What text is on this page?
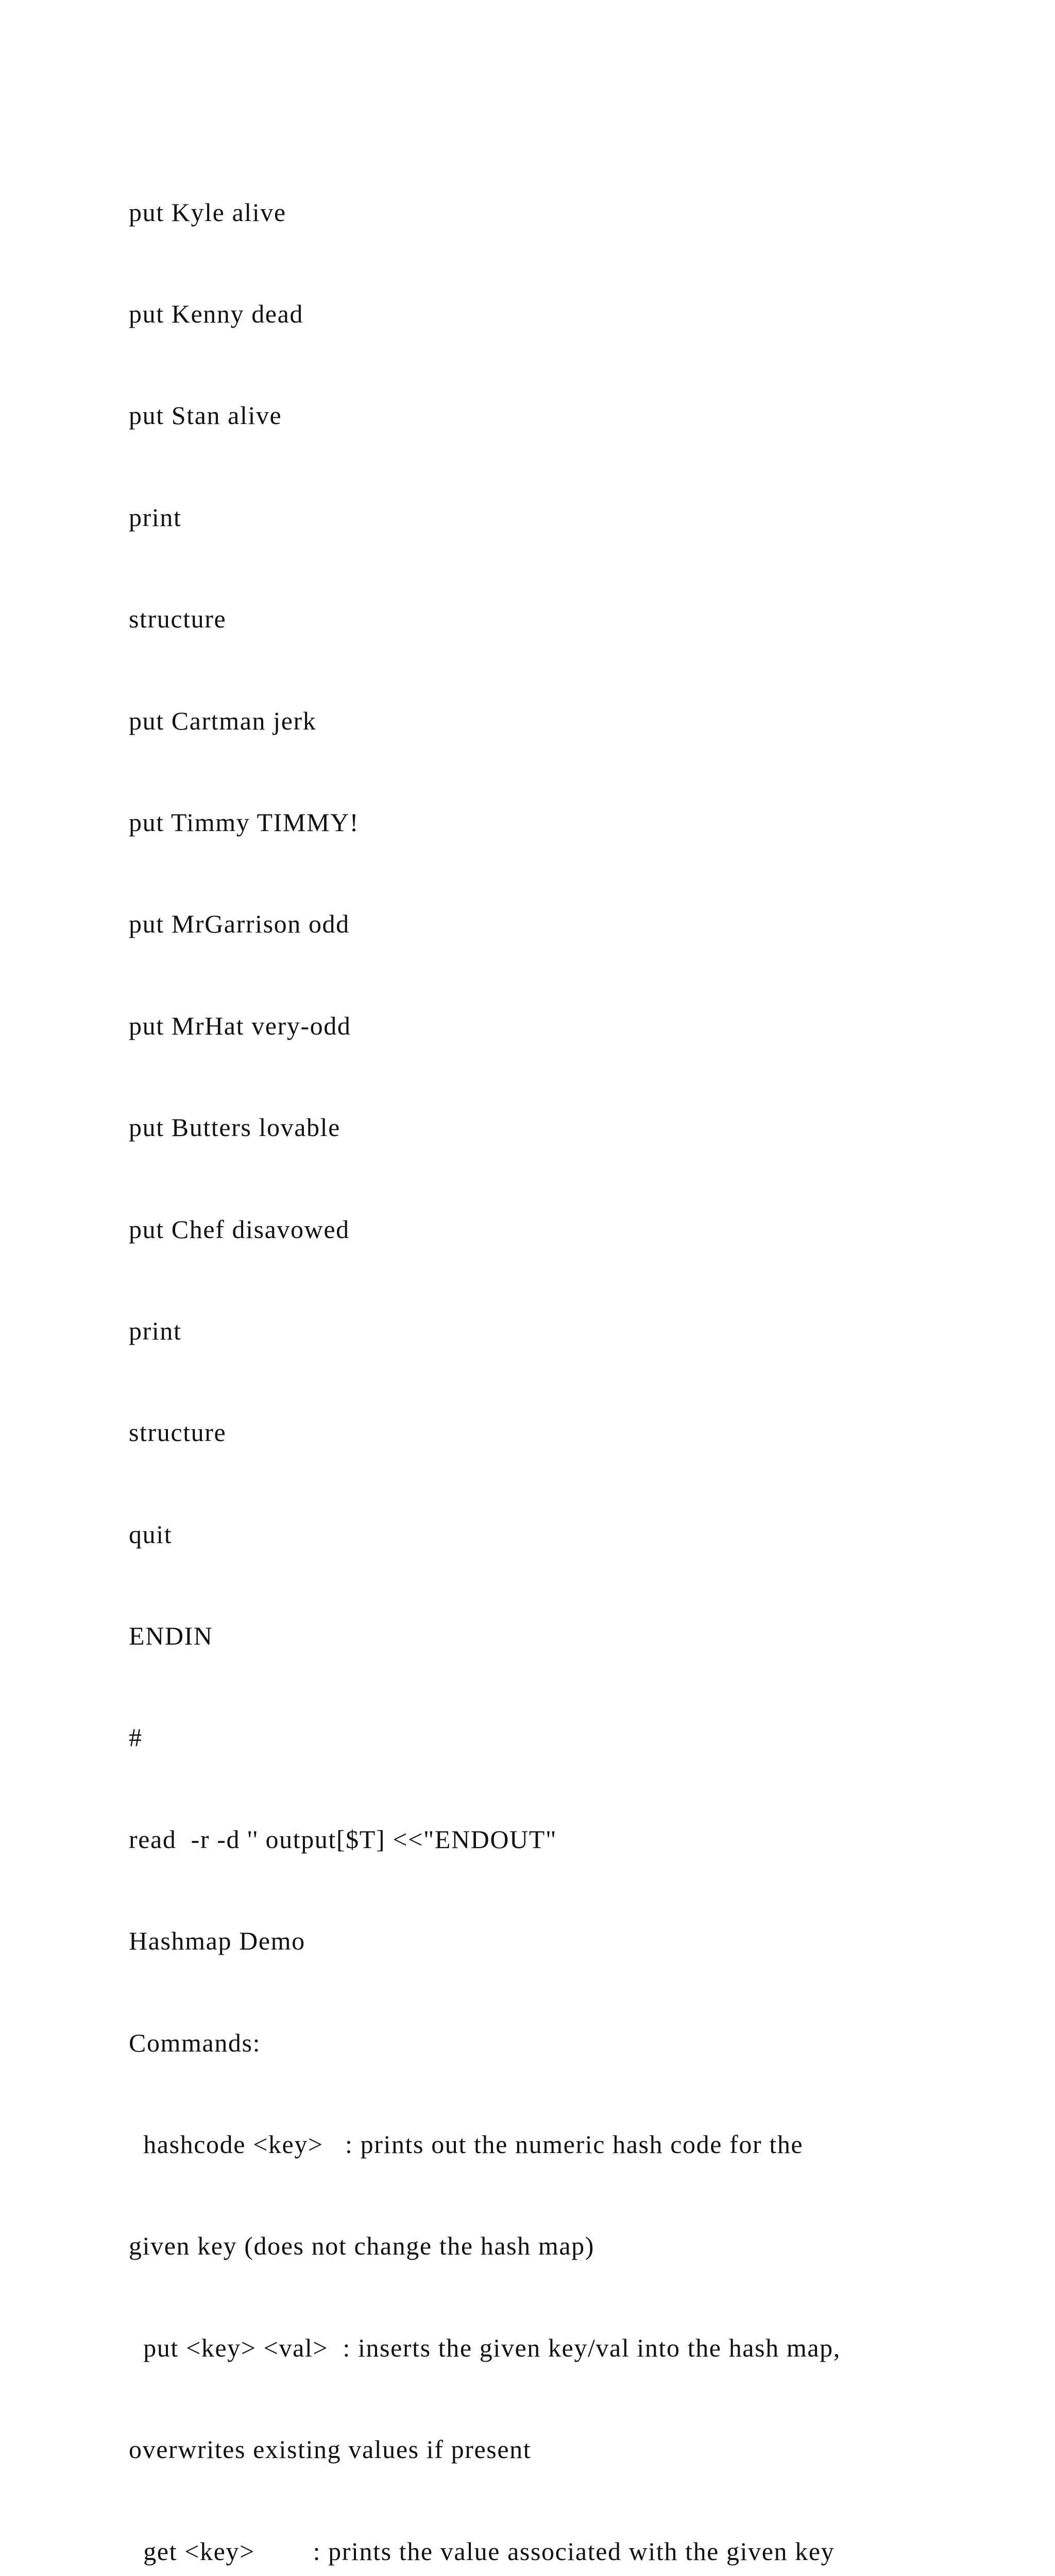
put Kyle alive

put Kenny dead

put Stan alive

print

structure

put Cartman jerk

put Timmy TIMMY!

put MrGarrison odd

put MrHat very-odd

put Butters lovable

put Chef disavowed

print

structure

quit

ENDIN

#

read  -r -d '' output[$T] <<"ENDOUT"

Hashmap Demo

Commands:

hashcode <key>   : prints out the numeric hash code for the

given key (does not change the hash map)

put <key> <val>  : inserts the given key/val into the hash map,

overwrites existing values if present

get <key>        : prints the value associated with the given key
